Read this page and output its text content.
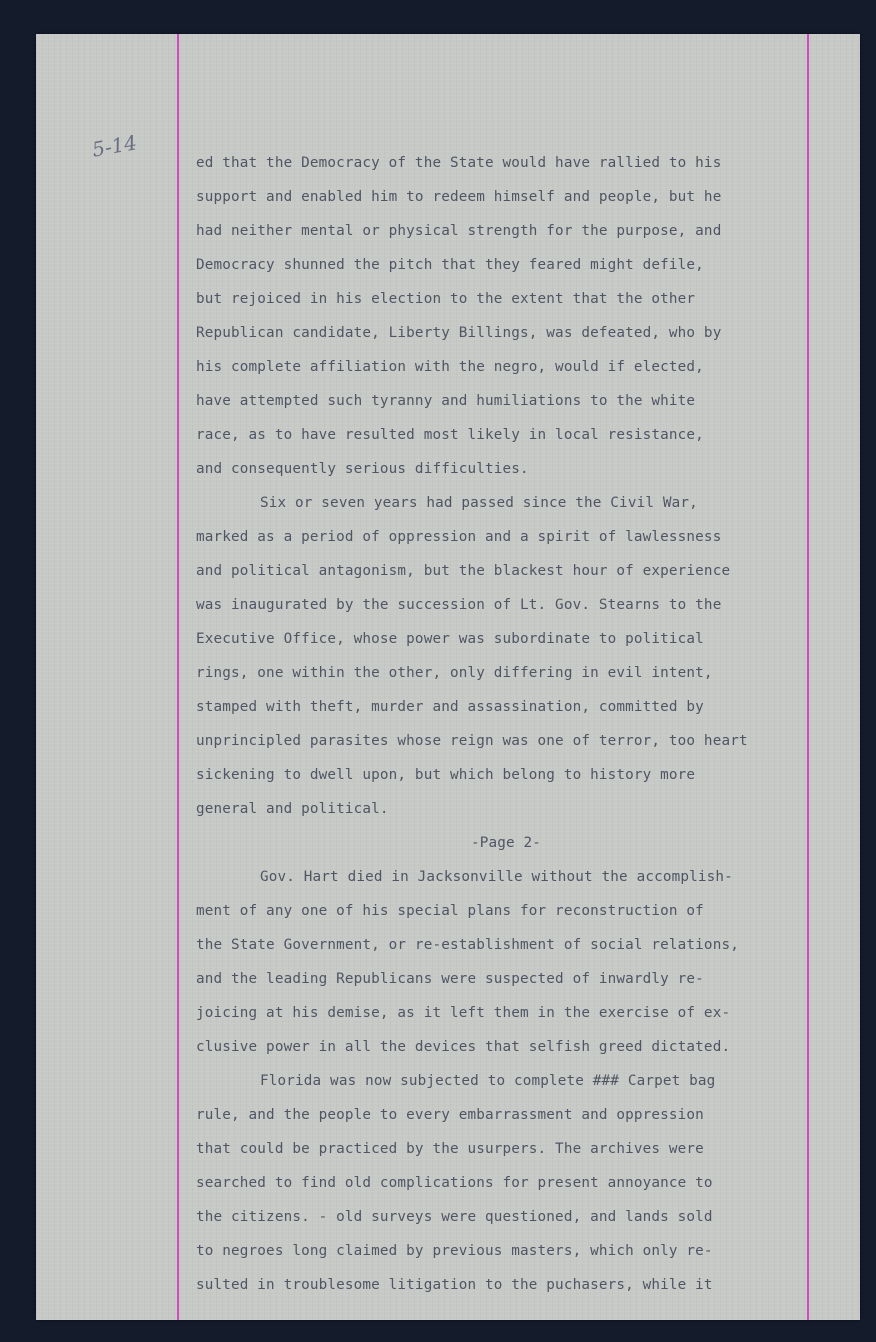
5-14
ed that the Democracy of the State would have rallied to his
support and enabled him to redeem himself and people, but he
had neither mental or physical strength for the purpose, and
Democracy shunned the pitch that they feared might defile,
but rejoiced in his election to the extent that the other
Republican candidate, Liberty Billings, was defeated, who by
his complete affiliation with the negro, would if elected,
have attempted such tyranny and humiliations to the white
race, as to have resulted most likely in local resistance,
and consequently serious difficulties.
Six or seven years had passed since the Civil War,
marked as a period of oppression and a spirit of lawlessness
and political antagonism, but the blackest hour of experience
was inaugurated by the succession of Lt. Gov. Stearns to the
Executive Office, whose power was subordinate to political
rings, one within the other, only differing in evil intent,
stamped with theft, murder and assassination, committed by
unprincipled parasites whose reign was one of terror, too heart
sickening to dwell upon, but which belong to history more
general and political.
-Page 2-
Gov. Hart died in Jacksonville without the accomplish-
ment of any one of his special plans for reconstruction of
the State Government, or re-establishment of social relations,
and the leading Republicans were suspected of inwardly re-
joicing at his demise, as it left them in the exercise of ex-
clusive power in all the devices that selfish greed dictated.
Florida was now subjected to complete ### Carpet bag
rule, and the people to every embarrassment and oppression
that could be practiced by the usurpers. The archives were
searched to find old complications for present annoyance to
the citizens. - old surveys were questioned, and lands sold
to negroes long claimed by previous masters, which only re-
sulted in troublesome litigation to the puchasers, while it
